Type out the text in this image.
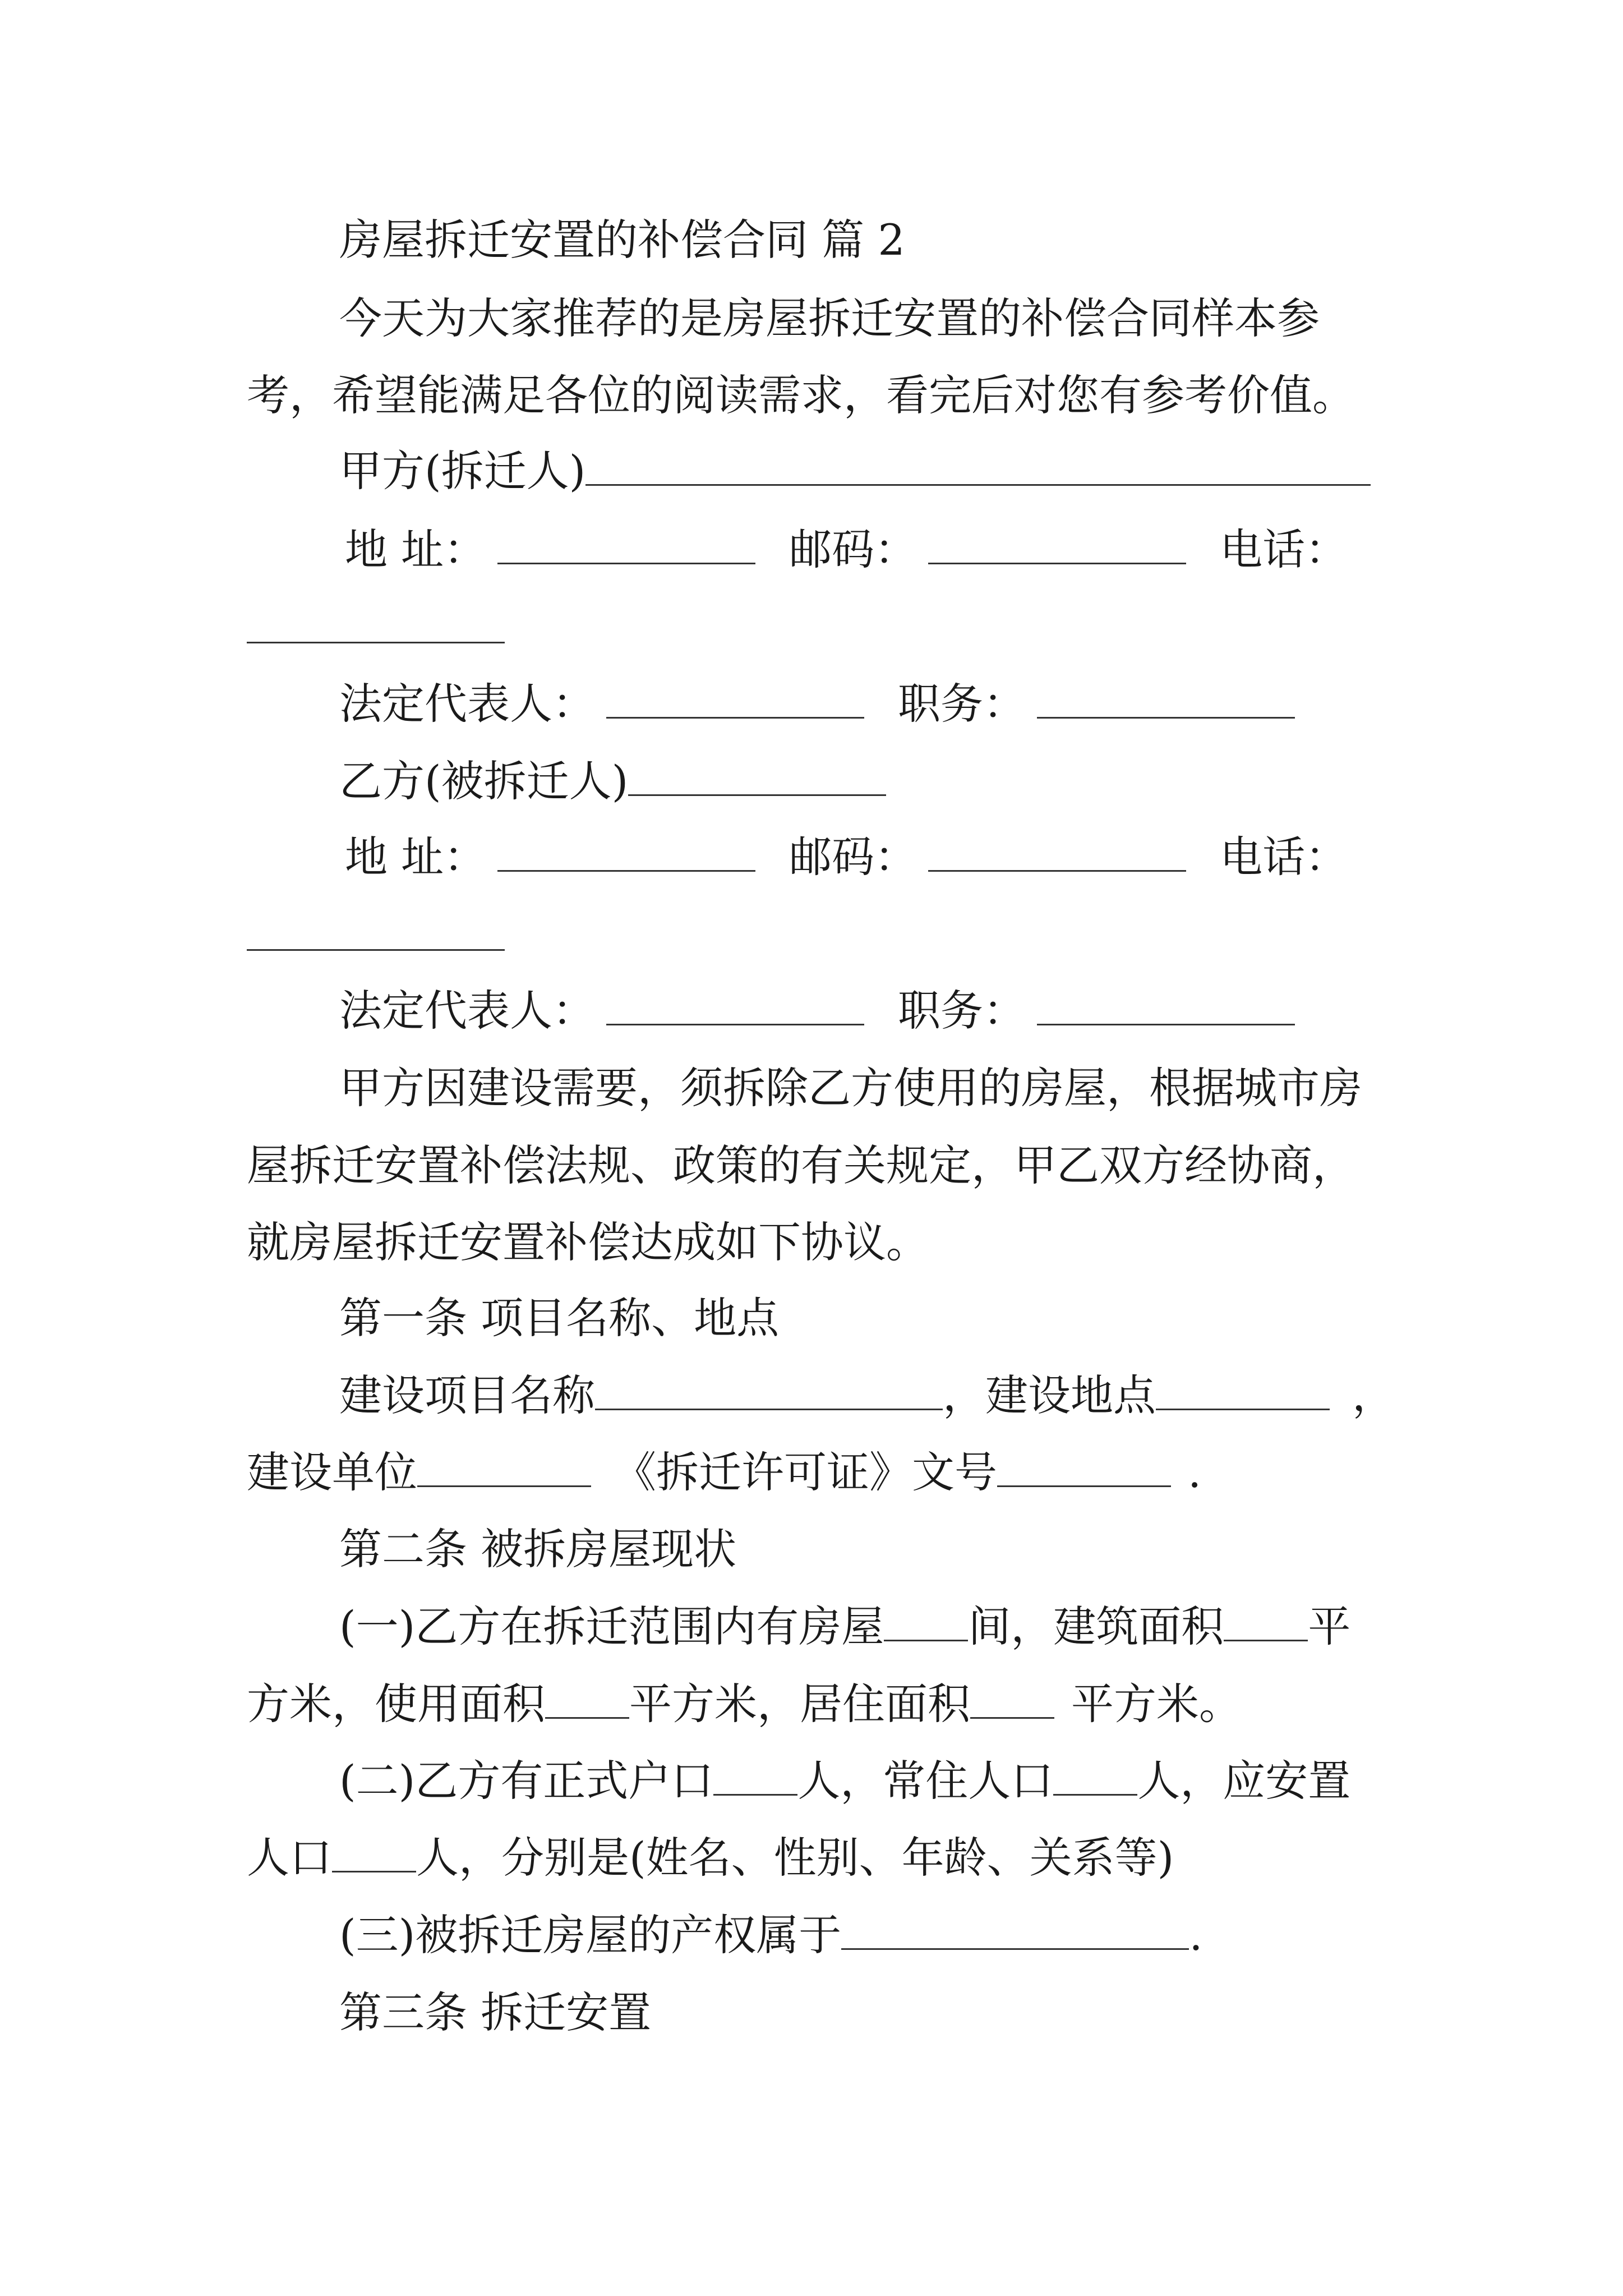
房屋拆迁安置的补偿合同 篇 2
今天为大家推荐的是房屋拆迁安置的补偿合同样本参
考，希望能满足各位的阅读需求，看完后对您有参考价值。
甲方(拆迁人)
地 址：	邮码：	电话：
法定代表人：	职务：
乙方(被拆迁人)
地 址：	邮码：	电话：
法定代表人：	职务：
甲方因建设需要，须拆除乙方使用的房屋，根据城市房
屋拆迁安置补偿法规、政策的有关规定，甲乙双方经协商，
就房屋拆迁安置补偿达成如下协议。
第一条 项目名称、地点
建设项目名称	，建设地点	，
建设单位	《拆迁许可证》文号	.
第二条 被拆房屋现状
(一)乙方在拆迁范围内有房屋 间，建筑面积 平
方米，使用面积 平方米，居住面积 平方米。
(二)乙方有正式户口 人，常住人口 人，应安置
人口 人，分别是(姓名、性别、年龄、关系等)
(三)被拆迁房屋的产权属于	.
第三条 拆迁安置
